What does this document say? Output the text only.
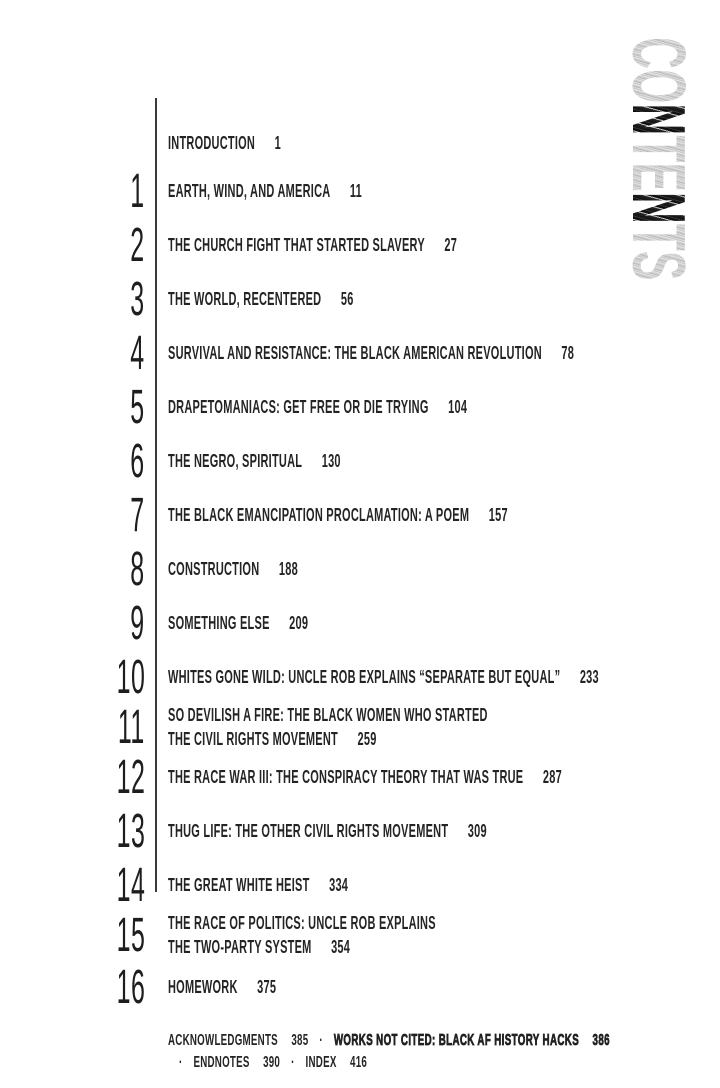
CONTENTS
INTRODUCTION 1
1 EARTH, WIND, AND AMERICA 11
2 THE CHURCH FIGHT THAT STARTED SLAVERY 27
3 THE WORLD, RECENTERED 56
4 SURVIVAL AND RESISTANCE: THE BLACK AMERICAN REVOLUTION 78
5 DRAPETOMANIACS: GET FREE OR DIE TRYING 104
6 THE NEGRO, SPIRITUAL 130
7 THE BLACK EMANCIPATION PROCLAMATION: A POEM 157
8 CONSTRUCTION 188
9 SOMETHING ELSE 209
10 WHITES GONE WILD: UNCLE ROB EXPLAINS “SEPARATE BUT EQUAL” 233
11 SO DEVILISH A FIRE: THE BLACK WOMEN WHO STARTED
THE CIVIL RIGHTS MOVEMENT 259
12 THE RACE WAR III: THE CONSPIRACY THEORY THAT WAS TRUE 287
13 THUG LIFE: THE OTHER CIVIL RIGHTS MOVEMENT 309
14 THE GREAT WHITE HEIST 334
15 THE RACE OF POLITICS: UNCLE ROB EXPLAINS
THE TWO-PARTY SYSTEM 354
16 HOMEWORK 375
ACKNOWLEDGMENTS 385 · WORKS NOT CITED: BLACK AF HISTORY HACKS 386
· ENDNOTES 390 · INDEX 416
